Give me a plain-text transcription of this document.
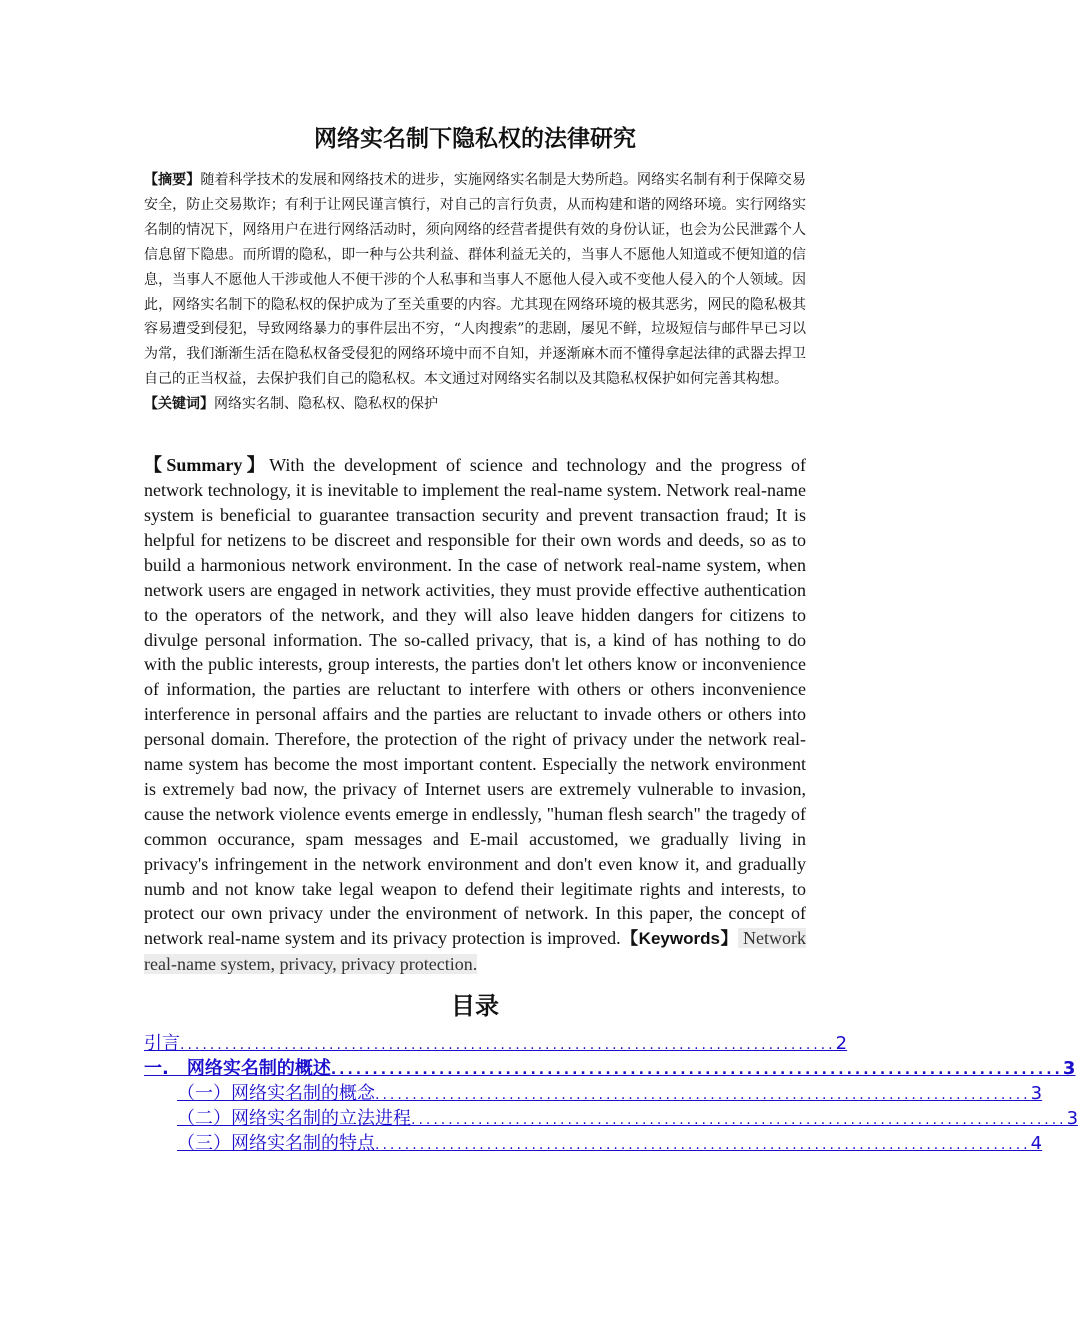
网络实名制下隐私权的法律研究

【摘要】随着科学技术的发展和网络技术的进步，实施网络实名制是大势所趋。网络实名制有利于保障交易安全，防止交易欺诈；有利于让网民谨言慎行，对自己的言行负责，从而构建和谐的网络环境。实行网络实名制的情况下，网络用户在进行网络活动时，须向网络的经营者提供有效的身份认证，也会为公民泄露个人信息留下隐患。而所谓的隐私，即一种与公共利益、群体利益无关的，当事人不愿他人知道或不便知道的信息，当事人不愿他人干涉或他人不便干涉的个人私事和当事人不愿他人侵入或不变他人侵入的个人领域。因此，网络实名制下的隐私权的保护成为了至关重要的内容。尤其现在网络环境的极其恶劣，网民的隐私极其容易遭受到侵犯，导致网络暴力的事件层出不穷，“人肉搜索”的悲剧，屡见不鲜，垃圾短信与邮件早已习以为常，我们渐渐生活在隐私权备受侵犯的网络环境中而不自知，并逐渐麻木而不懂得拿起法律的武器去捍卫自己的正当权益，去保护我们自己的隐私权。本文通过对网络实名制以及其隐私权保护如何完善其构想。

【关键词】网络实名制、隐私权、隐私权的保护

【Summary】With the development of science and technology and the progress of network technology, it is inevitable to implement the real-name system. Network real-name system is beneficial to guarantee transaction security and prevent transaction fraud; It is helpful for netizens to be discreet and responsible for their own words and deeds, so as to build a harmonious network environment. In the case of network real-name system, when network users are engaged in network activities, they must provide effective authentication to the operators of the network, and they will also leave hidden dangers for citizens to divulge personal information. The so-called privacy, that is, a kind of has nothing to do with the public interests, group interests, the parties don't let others know or inconvenience of information, the parties are reluctant to interfere with others or others inconvenience interference in personal affairs and the parties are reluctant to invade others or others into personal domain. Therefore, the protection of the right of privacy under the network real-name system has become the most important content. Especially the network environment is extremely bad now, the privacy of Internet users are extremely vulnerable to invasion, cause the network violence events emerge in endlessly, "human flesh search" the tragedy of common occurance, spam messages and E-mail accustomed, we gradually living in privacy's infringement in the network environment and don't even know it, and gradually numb and not know take legal weapon to defend their legitimate rights and interests, to protect our own privacy under the environment of network. In this paper, the concept of network real-name system and its privacy protection is improved.【Keywords】 Network real-name system, privacy, privacy protection.

目录
引言 ........................................................................................ 2
一.　网络实名制的概述 ........................................................................................ 3
（一）网络实名制的概念 ........................................................................................ 3
（二）网络实名制的立法进程 ........................................................................................ 3
（三）网络实名制的特点 ........................................................................................ 4
